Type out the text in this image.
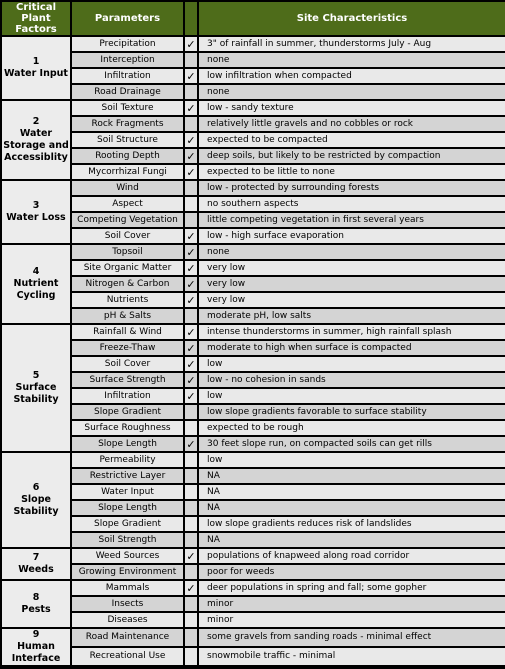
Critical Plant Factors	Parameters		Site Characteristics

1
Water Input	Precipitation	✓	3" of rainfall in summer, thunderstorms July - Aug
	Interception		none
	Infiltration	✓	low infiltration when compacted
	Road Drainage		none

2
Water Storage and Accessiblity	Soil Texture	✓	low - sandy texture
	Rock Fragments		relatively little gravels and no cobbles or rock
	Soil Structure	✓	expected to be compacted
	Rooting Depth	✓	deep soils, but likely to be restricted by compaction
	Mycorrhizal Fungi	✓	expected to be little to none

3
Water Loss	Wind		low - protected by surrounding forests
	Aspect		no southern aspects
	Competing Vegetation		little competing vegetation in first several years
	Soil Cover	✓	low - high surface evaporation

4
Nutrient Cycling	Topsoil	✓	none
	Site Organic Matter	✓	very low
	Nitrogen & Carbon	✓	very low
	Nutrients	✓	very low
	pH & Salts		moderate pH, low salts

5
Surface Stability	Rainfall & Wind	✓	intense thunderstorms in summer, high rainfall splash
	Freeze-Thaw	✓	moderate to high when surface is compacted
	Soil Cover	✓	low
	Surface Strength	✓	low - no cohesion in sands
	Infiltration	✓	low
	Slope Gradient		low slope gradients favorable to surface stability
	Surface Roughness		expected to be rough
	Slope Length	✓	30 feet slope run, on compacted soils can get rills

6
Slope Stability	Permeability		low
	Restrictive Layer		NA
	Water Input		NA
	Slope Length		NA
	Slope Gradient		low slope gradients reduces risk of landslides
	Soil Strength		NA

7
Weeds	Weed Sources	✓	populations of knapweed along road corridor
	Growing Environment		poor for weeds

8
Pests	Mammals	✓	deer populations in spring and fall; some gopher
	Insects		minor
	Diseases		minor

9
Human Interface	Road Maintenance		some gravels from sanding roads - minimal effect
	Recreational Use		snowmobile traffic - minimal
